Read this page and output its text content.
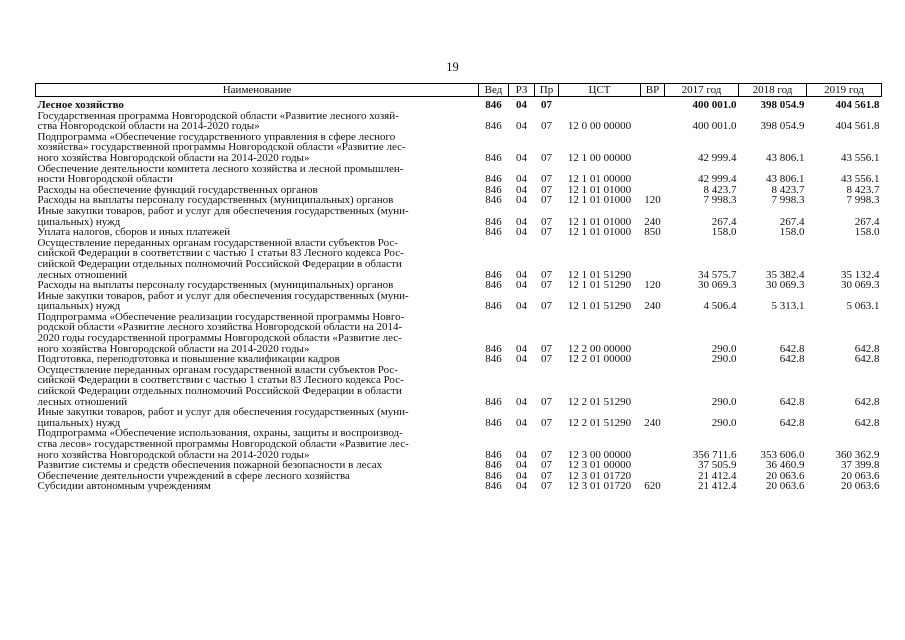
19
Наименование	Вед	РЗ	Пр	ЦСТ	ВР	2017 год	2018 год	2019 год

Лесное хозяйство	846	04	07			400 001.0	398 054.9	404 561.8

Государственная программа Новгородской области «Развитие лесного хозяй-
ства Новгородской области на 2014-2020 годы»	846	04	07	12 0 00 00000		400 001.0	398 054.9	404 561.8

Подпрограмма «Обеспечение государственного управления в сфере лесного
хозяйства» государственной программы Новгородской области «Развитие лес-
ного хозяйства Новгородской области на 2014-2020 годы»	846	04	07	12 1 00 00000		42 999.4	43 806.1	43 556.1

Обеспечение деятельности комитета лесного хозяйства и лесной промышлен-
ности Новгородской области	846	04	07	12 1 01 00000		42 999.4	43 806.1	43 556.1

Расходы на обеспечение функций государственных органов	846	04	07	12 1 01 01000		8 423.7	8 423.7	8 423.7

Расходы на выплаты персоналу государственных (муниципальных) органов	846	04	07	12 1 01 01000	120	7 998.3	7 998.3	7 998.3

Иные закупки товаров, работ и услуг для обеспечения государственных (муни-
ципальных) нужд	846	04	07	12 1 01 01000	240	267.4	267.4	267.4

Уплата налогов, сборов и иных платежей	846	04	07	12 1 01 01000	850	158.0	158.0	158.0

Осуществление переданных органам государственной власти субъектов Рос-
сийской Федерации в соответствии с частью 1 статьи 83 Лесного кодекса Рос-
сийской Федерации отдельных полномочий Российской Федерации в области
лесных отношений	846	04	07	12 1 01 51290		34 575.7	35 382.4	35 132.4

Расходы на выплаты персоналу государственных (муниципальных) органов	846	04	07	12 1 01 51290	120	30 069.3	30 069.3	30 069.3

Иные закупки товаров, работ и услуг для обеспечения государственных (муни-
ципальных) нужд	846	04	07	12 1 01 51290	240	4 506.4	5 313.1	5 063.1

Подпрограмма «Обеспечение реализации государственной программы Новго-
родской области «Развитие лесного хозяйства Новгородской области на 2014-
2020 годы государственной программы Новгородской области «Развитие лес-
ного хозяйства Новгородской области на 2014-2020 годы»	846	04	07	12 2 00 00000		290.0	642.8	642.8

Подготовка, переподготовка и повышение квалификации кадров	846	04	07	12 2 01 00000		290.0	642.8	642.8

Осуществление переданных органам государственной власти субъектов Рос-
сийской Федерации в соответствии с частью 1 статьи 83 Лесного кодекса Рос-
сийской Федерации отдельных полномочий Российской Федерации в области
лесных отношений	846	04	07	12 2 01 51290		290.0	642.8	642.8

Иные закупки товаров, работ и услуг для обеспечения государственных (муни-
ципальных) нужд	846	04	07	12 2 01 51290	240	290.0	642.8	642.8

Подпрограмма «Обеспечение использования, охраны, защиты и воспроизвод-
ства лесов» государственной программы Новгородской области «Развитие лес-
ного хозяйства Новгородской области на 2014-2020 годы»	846	04	07	12 3 00 00000		356 711.6	353 606.0	360 362.9

Развитие системы и средств обеспечения пожарной безопасности в лесах	846	04	07	12 3 01 00000		37 505.9	36 460.9	37 399.8

Обеспечение деятельности учреждений в сфере лесного хозяйства	846	04	07	12 3 01 01720		21 412.4	20 063.6	20 063.6

Субсидии автономным учреждениям	846	04	07	12 3 01 01720	620	21 412.4	20 063.6	20 063.6
